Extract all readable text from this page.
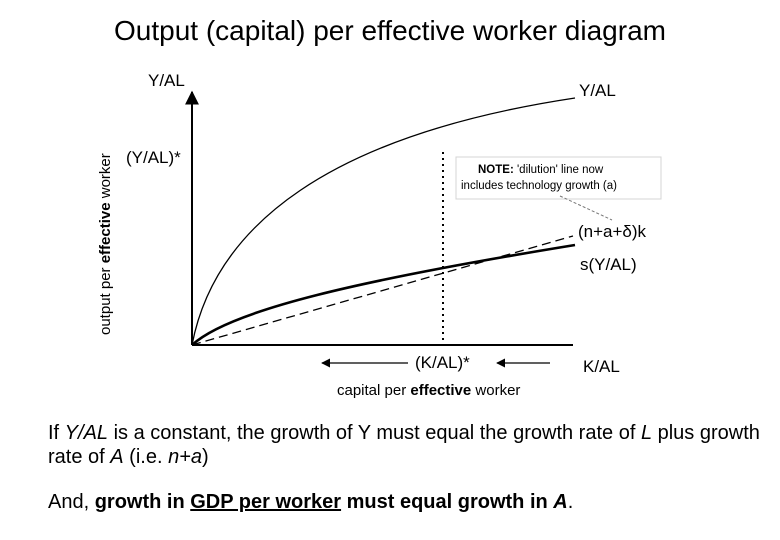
Output (capital) per effective worker diagram
NOTE: 'dilution' line now
includes technology growth (a)
Y/AL
(Y/AL)*
output per effective worker
Y/AL
(n+a+δ)k
s(Y/AL)
(K/AL)*	K/AL
capital per effective worker
If Y/AL is a constant, the growth of Y must equal the growth rate of L plus growth rate of A (i.e. n+a)
And, growth in GDP per worker must equal growth in A.
